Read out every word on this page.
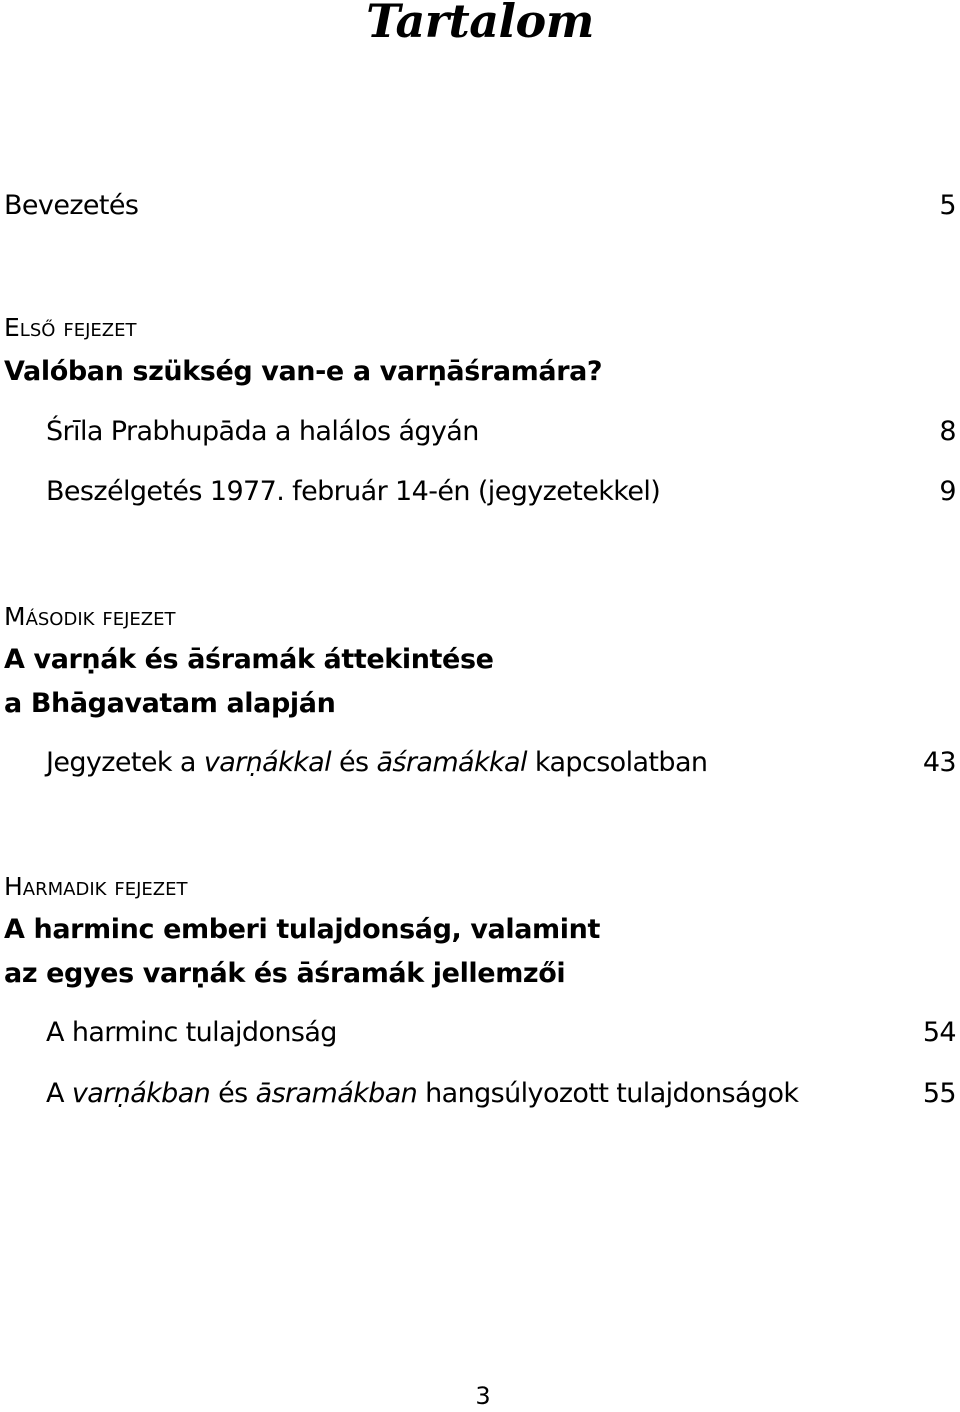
Tartalom
Bevezetés	5
Első fejezet
Valóban szükség van-e a varṇāśramára?
Śrīla Prabhupāda a halálos ágyán	8
Beszélgetés 1977. február 14-én (jegyzetekkel)	9
Második fejezet
A varṇák és āśramák áttekintése
a Bhāgavatam alapján
Jegyzetek a varṇákkal és āśramákkal kapcsolatban	43
Harmadik fejezet
A harminc emberi tulajdonság, valamint
az egyes varṇák és āśramák jellemzői
A harminc tulajdonság	54
A varṇákban és āsramákban hangsúlyozott tulajdonságok	55
3
